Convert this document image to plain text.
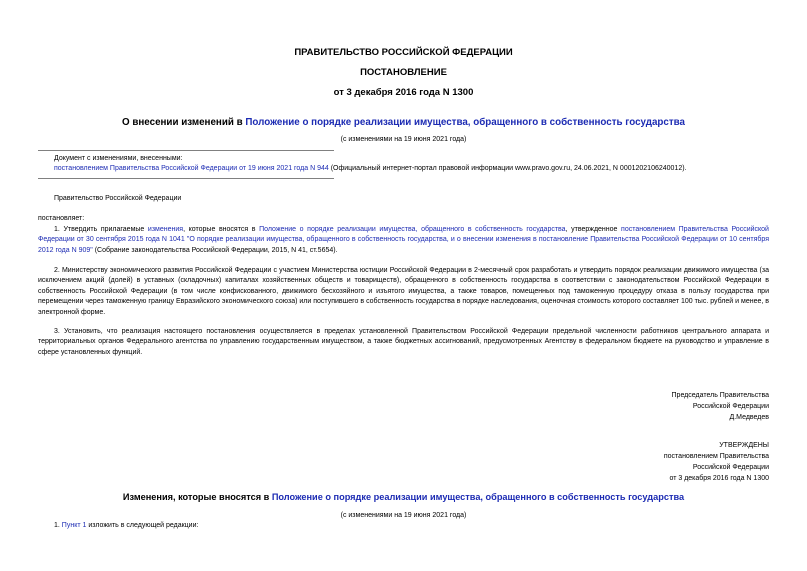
ПРАВИТЕЛЬСТВО РОССИЙСКОЙ ФЕДЕРАЦИИ
ПОСТАНОВЛЕНИЕ
от 3 декабря 2016 года N 1300
О внесении изменений в Положение о порядке реализации имущества, обращенного в собственность государства
(с изменениями на 19 июня 2021 года)
Документ с изменениями, внесенными:
постановлением Правительства Российской Федерации от 19 июня 2021 года N 944 (Официальный интернет-портал правовой информации www.pravo.gov.ru, 24.06.2021, N 0001202106240012).
Правительство Российской Федерации
постановляет:
1. Утвердить прилагаемые изменения, которые вносятся в Положение о порядке реализации имущества, обращенного в собственность государства, утвержденное постановлением Правительства Российской Федерации от 30 сентября 2015 года N 1041 "О порядке реализации имущества, обращенного в собственность государства, и о внесении изменения в постановление Правительства Российской Федерации от 10 сентября 2012 года N 909" (Собрание законодательства Российской Федерации, 2015, N 41, ст.5654).
2. Министерству экономического развития Российской Федерации с участием Министерства юстиции Российской Федерации в 2-месячный срок разработать и утвердить порядок реализации движимого имущества (за исключением акций (долей) в уставных (складочных) капиталах хозяйственных обществ и товариществ), обращенного в собственность государства в соответствии с законодательством Российской Федерации в собственность Российской Федерации (в том числе конфискованного, движимого бесхозяйного и изъятого имущества, а также товаров, помещенных под таможенную процедуру отказа в пользу государства при перемещении через таможенную границу Евразийского экономического союза) или поступившего в собственность государства в порядке наследования, оценочная стоимость которого составляет 100 тыс. рублей и менее, в электронной форме.
3. Установить, что реализация настоящего постановления осуществляется в пределах установленной Правительством Российской Федерации предельной численности работников центрального аппарата и территориальных органов Федерального агентства по управлению государственным имуществом, а также бюджетных ассигнований, предусмотренных Агентству в федеральном бюджете на руководство и управление в сфере установленных функций.
Председатель Правительства
Российской Федерации
Д.Медведев
УТВЕРЖДЕНЫ
постановлением Правительства
Российской Федерации
от 3 декабря 2016 года N 1300
Изменения, которые вносятся в Положение о порядке реализации имущества, обращенного в собственность государства
(с изменениями на 19 июня 2021 года)
1. Пункт 1 изложить в следующей редакции:
